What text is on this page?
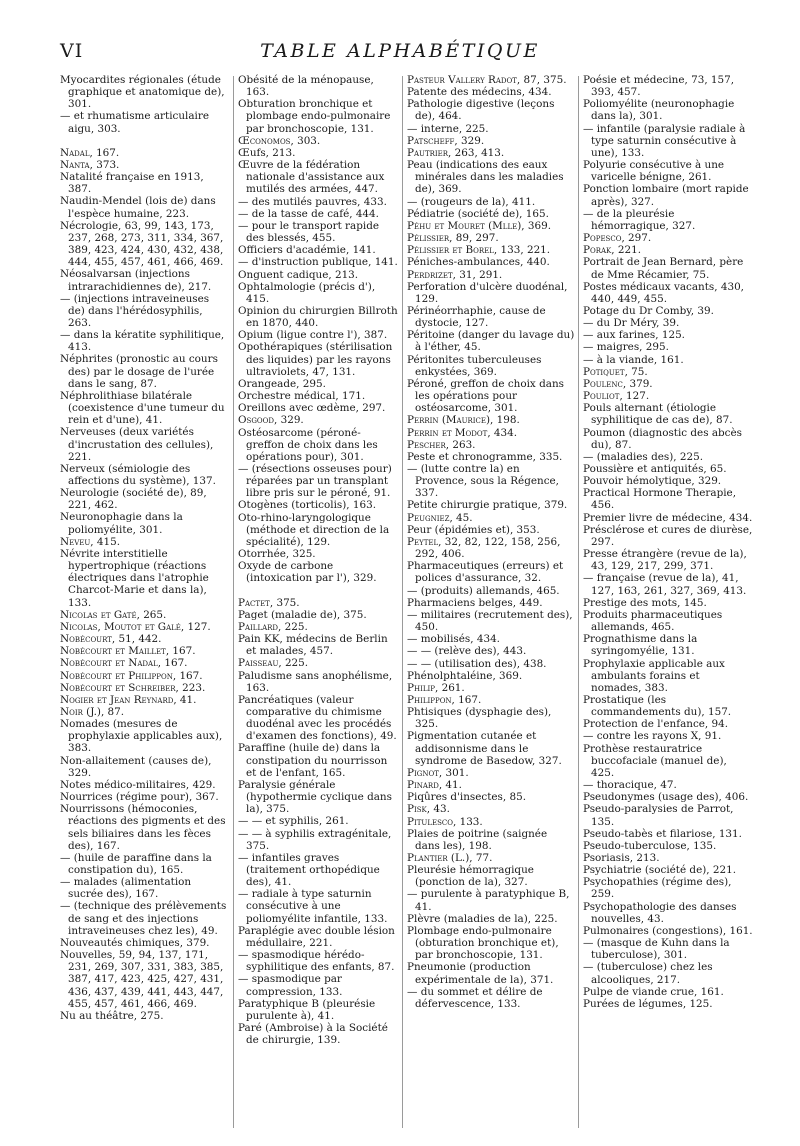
VI	TABLE ALPHABÉTIQUE
Myocardites régionales (étude graphique et anatomique de), 301.
— et rhumatisme articulaire aigu, 303.
Nadal, 167.
Nanta, 373.
Natalité française en 1913, 387.
Naudin-Mendel (lois de) dans l'espèce humaine, 223.
Nécrologie, 63, 99, 143, 173, 237, 268, 273, 311, 334, 367, 389, 423, 424, 430, 432, 438, 444, 455, 457, 461, 466, 469.
Néosalvarsan (injections intrarachidiennes de), 217.
— (injections intraveineuses de) dans l'hérédosyphilis, 263.
— dans la kératite syphilitique, 413.
Néphrites (pronostic au cours des) par le dosage de l'urée dans le sang, 87.
Néphrolithiase bilatérale (coexistence d'une tumeur du rein et d'une), 41.
Nerveuses (deux variétés d'incrustation des cellules), 221.
Nerveux (sémiologie des affections du système), 137.
Neurologie (société de), 89, 221, 462.
Neuronophagie dans la poliomyélite, 301.
Neveu, 415.
Névrite interstitielle hypertrophique (réactions électriques dans l'atrophie Charcot-Marie et dans la), 133.
Nicolas et Gaté, 265.
Nicolas, Moutot et Galé, 127.
Nobécourt, 51, 442.
Nobécourt et Maillet, 167.
Nobécourt et Nadal, 167.
Nobécourt et Philippon, 167.
Nobécourt et Schreiber, 223.
Nogier et Jean Reynard, 41.
Noir (J.), 87.
Nomades (mesures de prophylaxie applicables aux), 383.
Non-allaitement (causes de), 329.
Notes médico-militaires, 429.
Nourrices (régime pour), 367.
Nourrissons (hémoconies, réactions des pigments et des sels biliaires dans les fèces des), 167.
— (huile de paraffine dans la constipation du), 165.
— malades (alimentation sucrée des), 167.
— (technique des prélèvements de sang et des injections intraveineuses chez les), 49.
Nouveautés chimiques, 379.
Nouvelles, 59, 94, 137, 171, 231, 269, 307, 331, 383, 385, 387, 417, 423, 425, 427, 431, 436, 437, 439, 441, 443, 447, 455, 457, 461, 466, 469.
Nu au théâtre, 275.
Obésité de la ménopause, 163.
Obturation bronchique et plombage endo-pulmonaire par bronchoscopie, 131.
Œconomos, 303.
Œufs, 213.
Œuvre de la fédération nationale d'assistance aux mutilés des armées, 447.
— des mutilés pauvres, 433.
— de la tasse de café, 444.
— pour le transport rapide des blessés, 455.
Officiers d'académie, 141.
— d'instruction publique, 141.
Onguent cadique, 213.
Ophtalmologie (précis d'), 415.
Opinion du chirurgien Billroth en 1870, 440.
Opium (ligue contre l'), 387.
Opothérapiques (stérilisation des liquides) par les rayons ultraviolets, 47, 131.
Orangeade, 295.
Orchestre médical, 171.
Oreillons avec œdème, 297.
Osgood, 329.
Ostéosarcome (péroné-greffon de choix dans les opérations pour), 301.
— (résections osseuses pour) réparées par un transplant libre pris sur le péroné, 91.
Otogènes (torticolis), 163.
Oto-rhino-laryngologique (méthode et direction de la spécialité), 129.
Otorrhée, 325.
Oxyde de carbone (intoxication par l'), 329.
Pactet, 375.
Paget (maladie de), 375.
Paillard, 225.
Pain KK, médecins de Berlin et malades, 457.
Paisseau, 225.
Paludisme sans anophélisme, 163.
Pancréatiques (valeur comparative du chimisme duodénal avec les procédés d'examen des fonctions), 49.
Paraffine (huile de) dans la constipation du nourrisson et de l'enfant, 165.
Paralysie générale (hypothermie cyclique dans la), 375.
— — et syphilis, 261.
— — à syphilis extragénitale, 375.
— infantiles graves (traitement orthopédique des), 41.
— radiale à type saturnin consécutive à une poliomyélite infantile, 133.
Paraplégie avec double lésion médullaire, 221.
— spasmodique hérédo-syphilitique des enfants, 87.
— spasmodique par compression, 133.
Paratyphique B (pleurésie purulente à), 41.
Paré (Ambroise) à la Société de chirurgie, 139.
Pasteur Vallery Radot, 87, 375.
Patente des médecins, 434.
Pathologie digestive (leçons de), 464.
— interne, 225.
Patscheff, 329.
Pautrier, 263, 413.
Peau (indications des eaux minérales dans les maladies de), 369.
— (rougeurs de la), 411.
Pédiatrie (société de), 165.
Péhu et Mouret (Mlle), 369.
Pélissier, 89, 297.
Pélissier et Borel, 133, 221.
Péniches-ambulances, 440.
Perdrizet, 31, 291.
Perforation d'ulcère duodénal, 129.
Périnéorrhaphie, cause de dystocie, 127.
Péritoine (danger du lavage du) à l'éther, 45.
Péritonites tuberculeuses enkystées, 369.
Péroné, greffon de choix dans les opérations pour ostéosarcome, 301.
Perrin (Maurice), 198.
Perrin et Modot, 434.
Pescher, 263.
Peste et chronogramme, 335.
— (lutte contre la) en Provence, sous la Régence, 337.
Petite chirurgie pratique, 379.
Peugniez, 45.
Peur (épidémies et), 353.
Peytel, 32, 82, 122, 158, 256, 292, 406.
Pharmaceutiques (erreurs) et polices d'assurance, 32.
— (produits) allemands, 465.
Pharmaciens belges, 449.
— militaires (recrutement des), 450.
— mobilisés, 434.
— — (relève des), 443.
— — (utilisation des), 438.
Phénolphtaléine, 369.
Philip, 261.
Philippon, 167.
Phtisiques (dysphagie des), 325.
Pigmentation cutanée et addisonnisme dans le syndrome de Basedow, 327.
Pignot, 301.
Pinard, 41.
Piqûres d'insectes, 85.
Pisk, 43.
Pitulesco, 133.
Plaies de poitrine (saignée dans les), 198.
Plantier (L.), 77.
Pleurésie hémorragique (ponction de la), 327.
— purulente à paratyphique B, 41.
Plèvre (maladies de la), 225.
Plombage endo-pulmonaire (obturation bronchique et), par bronchoscopie, 131.
Pneumonie (production expérimentale de la), 371.
— du sommet et délire de défervescence, 133.
Poésie et médecine, 73, 157, 393, 457.
Poliomyélite (neuronophagie dans la), 301.
— infantile (paralysie radiale à type saturnin consécutive à une), 133.
Polyurie consécutive à une varicelle bénigne, 261.
Ponction lombaire (mort rapide après), 327.
— de la pleurésie hémorragique, 327.
Popesco, 297.
Porak, 221.
Portrait de Jean Bernard, père de Mme Récamier, 75.
Postes médicaux vacants, 430, 440, 449, 455.
Potage du Dr Comby, 39.
— du Dr Méry, 39.
— aux farines, 125.
— maigres, 295.
— à la viande, 161.
Potiquet, 75.
Poulenc, 379.
Pouliot, 127.
Pouls alternant (étiologie syphilitique de cas de), 87.
Poumon (diagnostic des abcès du), 87.
— (maladies des), 225.
Poussière et antiquités, 65.
Pouvoir hémolytique, 329.
Practical Hormone Therapie, 456.
Premier livre de médecine, 434.
Présclérose et cures de diurèse, 297.
Presse étrangère (revue de la), 43, 129, 217, 299, 371.
— française (revue de la), 41, 127, 163, 261, 327, 369, 413.
Prestige des mots, 145.
Produits pharmaceutiques allemands, 465.
Prognathisme dans la syringomyélie, 131.
Prophylaxie applicable aux ambulants forains et nomades, 383.
Prostatique (les commandements du), 157.
Protection de l'enfance, 94.
— contre les rayons X, 91.
Prothèse restauratrice buccofaciale (manuel de), 425.
— thoracique, 47.
Pseudonymes (usage des), 406.
Pseudo-paralysies de Parrot, 135.
Pseudo-tabès et filariose, 131.
Pseudo-tuberculose, 135.
Psoriasis, 213.
Psychiatrie (société de), 221.
Psychopathies (régime des), 259.
Psychopathologie des danses nouvelles, 43.
Pulmonaires (congestions), 161.
— (masque de Kuhn dans la tuberculose), 301.
— (tuberculose) chez les alcooliques, 217.
Pulpe de viande crue, 161.
Purées de légumes, 125.
